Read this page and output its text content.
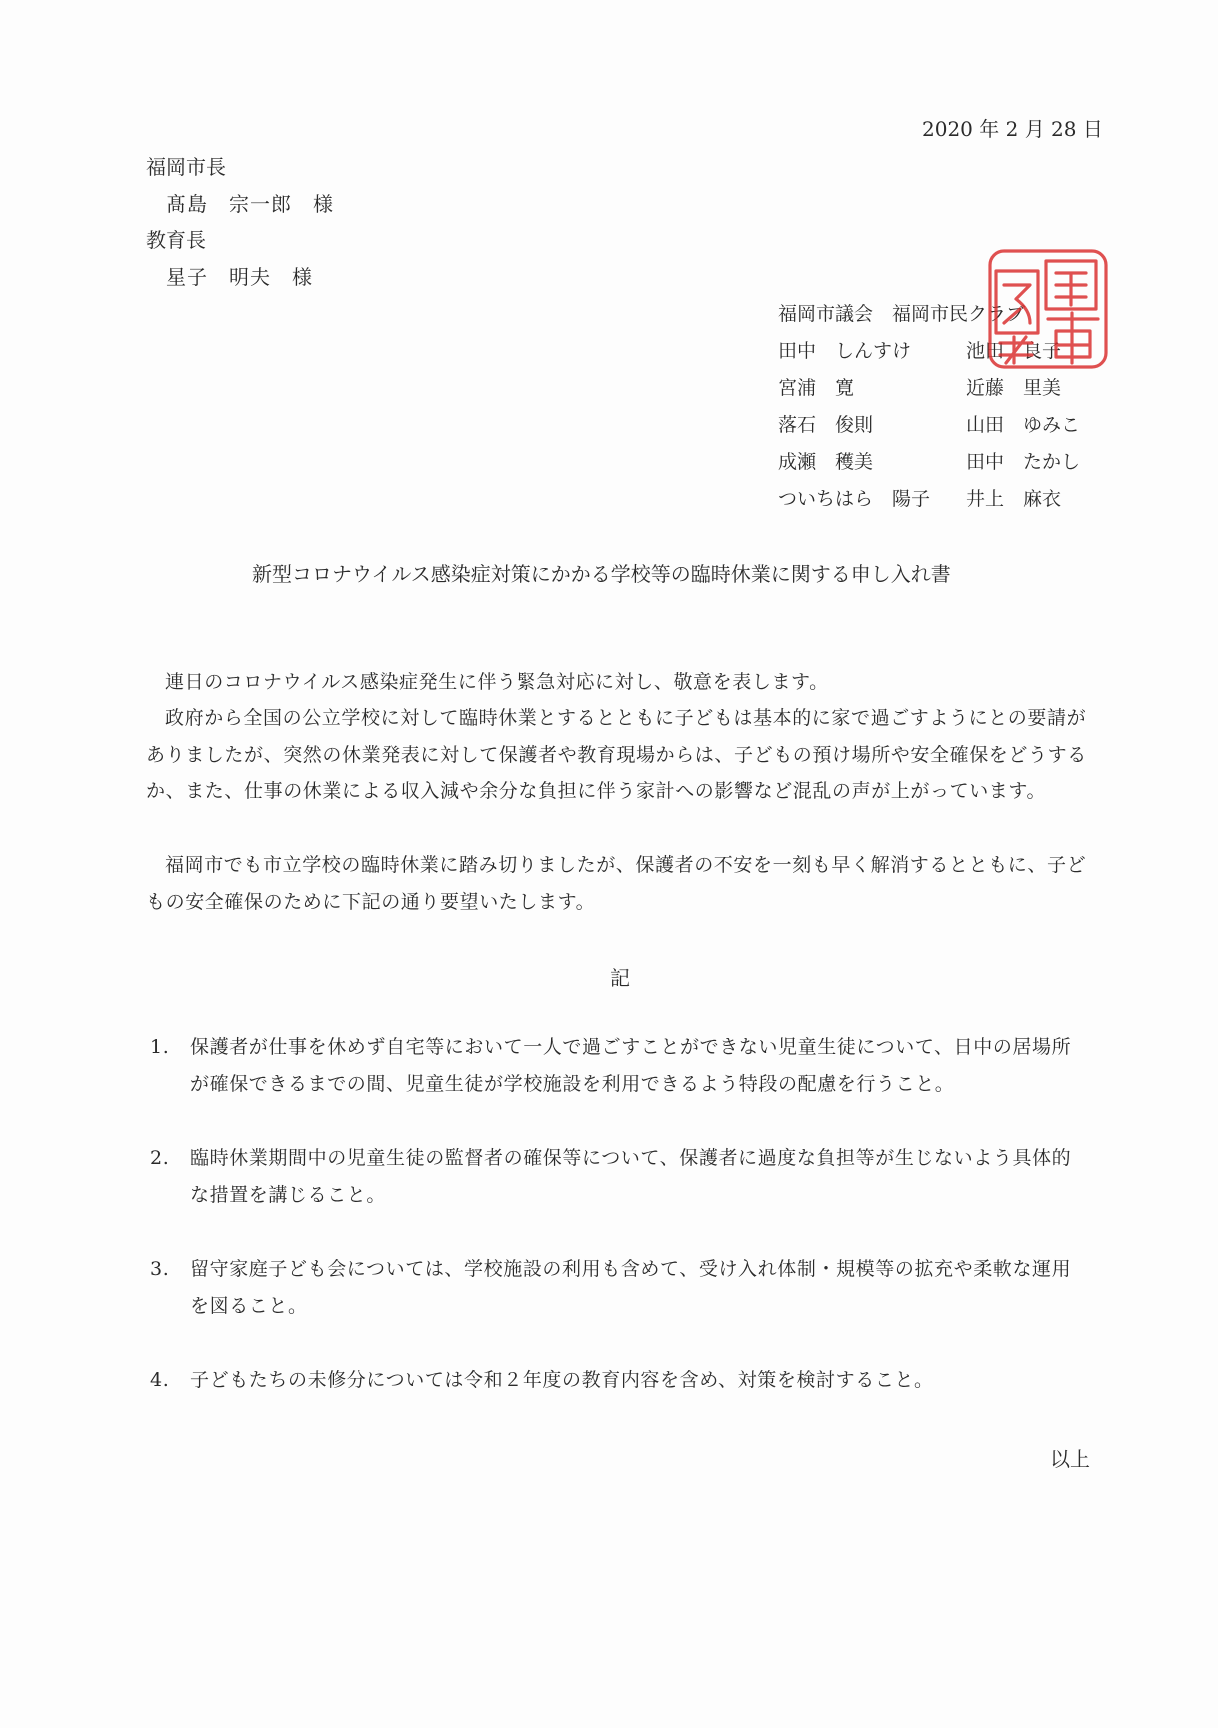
2020 年 2 月 28 日
福岡市長
髙島　宗一郎　様
教育長
星子　明夫　様
福岡市議会　福岡市民クラブ
田中　しんすけ	池田　良子
宮浦　寛	近藤　里美
落石　俊則	山田　ゆみこ
成瀬　穫美	田中　たかし
ついちはら　陽子 井上　麻衣
新型コロナウイルス感染症対策にかかる学校等の臨時休業に関する申し入れ書
連日のコロナウイルス感染症発生に伴う緊急対応に対し、敬意を表します。
政府から全国の公立学校に対して臨時休業とするとともに子どもは基本的に家で過ごすようにとの要請がありましたが、突然の休業発表に対して保護者や教育現場からは、子どもの預け場所や安全確保をどうするか、また、仕事の休業による収入減や余分な負担に伴う家計への影響など混乱の声が上がっています。
福岡市でも市立学校の臨時休業に踏み切りましたが、保護者の不安を一刻も早く解消するとともに、子どもの安全確保のために下記の通り要望いたします。
記
1. 保護者が仕事を休めず自宅等において一人で過ごすことができない児童生徒について、日中の居場所が確保できるまでの間、児童生徒が学校施設を利用できるよう特段の配慮を行うこと。
2. 臨時休業期間中の児童生徒の監督者の確保等について、保護者に過度な負担等が生じないよう具体的な措置を講じること。
3. 留守家庭子ども会については、学校施設の利用も含めて、受け入れ体制・規模等の拡充や柔軟な運用を図ること。
4. 子どもたちの未修分については令和２年度の教育内容を含め、対策を検討すること。
以上
